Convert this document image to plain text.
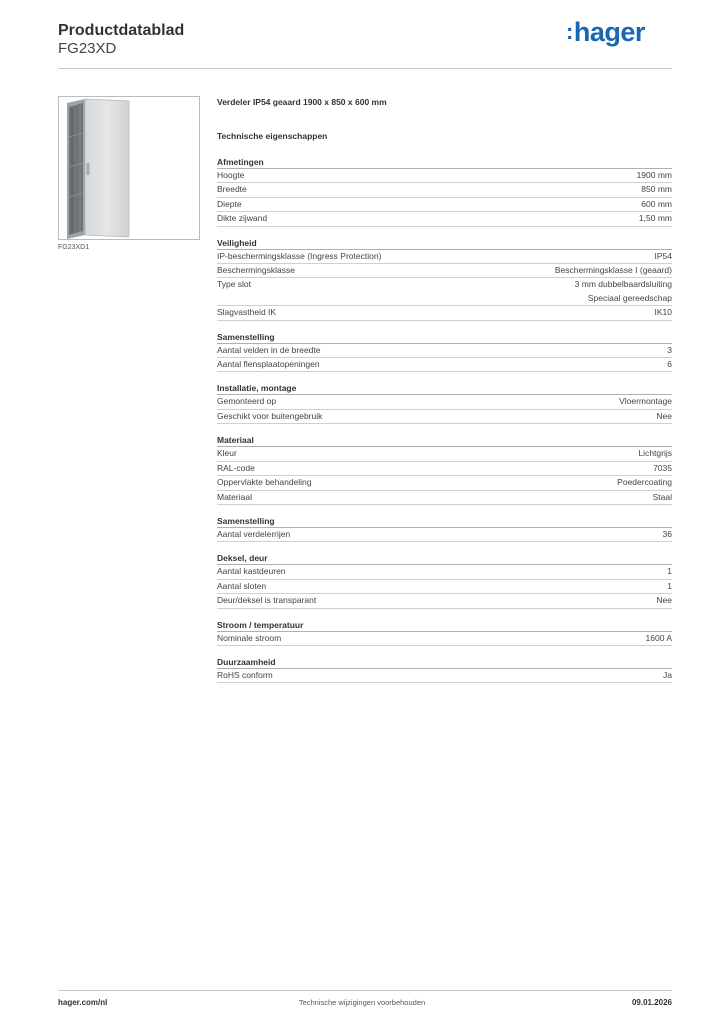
Productdatablad
FG23XD
:hager
FG23XD1
Verdeler IP54 geaard 1900 x 850 x 600 mm
Technische eigenschappen
Afmetingen
Hoogte	1900 mm
Breedte	850 mm
Diepte	600 mm
Dikte zijwand	1,50 mm
Veiligheid
IP-beschermingsklasse (Ingress Protection)	IP54
Beschermingsklasse	Beschermingsklasse I (geaard)
Type slot	3 mm dubbelbaardsluiting
Speciaal gereedschap
Slagvastheid IK	IK10
Samenstelling
Aantal velden in de breedte	3
Aantal flensplaatopeningen	6
Installatie, montage
Gemonteerd op	Vloermontage
Geschikt voor buitengebruik	Nee
Materiaal
Kleur	Lichtgrijs
RAL-code	7035
Oppervlakte behandeling	Poedercoating
Materiaal	Staal
Samenstelling
Aantal verdelerrijen	36
Deksel, deur
Aantal kastdeuren	1
Aantal sloten	1
Deur/deksel is transparant	Nee
Stroom / temperatuur
Nominale stroom	1600 A
Duurzaamheid
RoHS conform	Ja
hager.com/nl	Technische wijzigingen voorbehouden	09.01.2026
